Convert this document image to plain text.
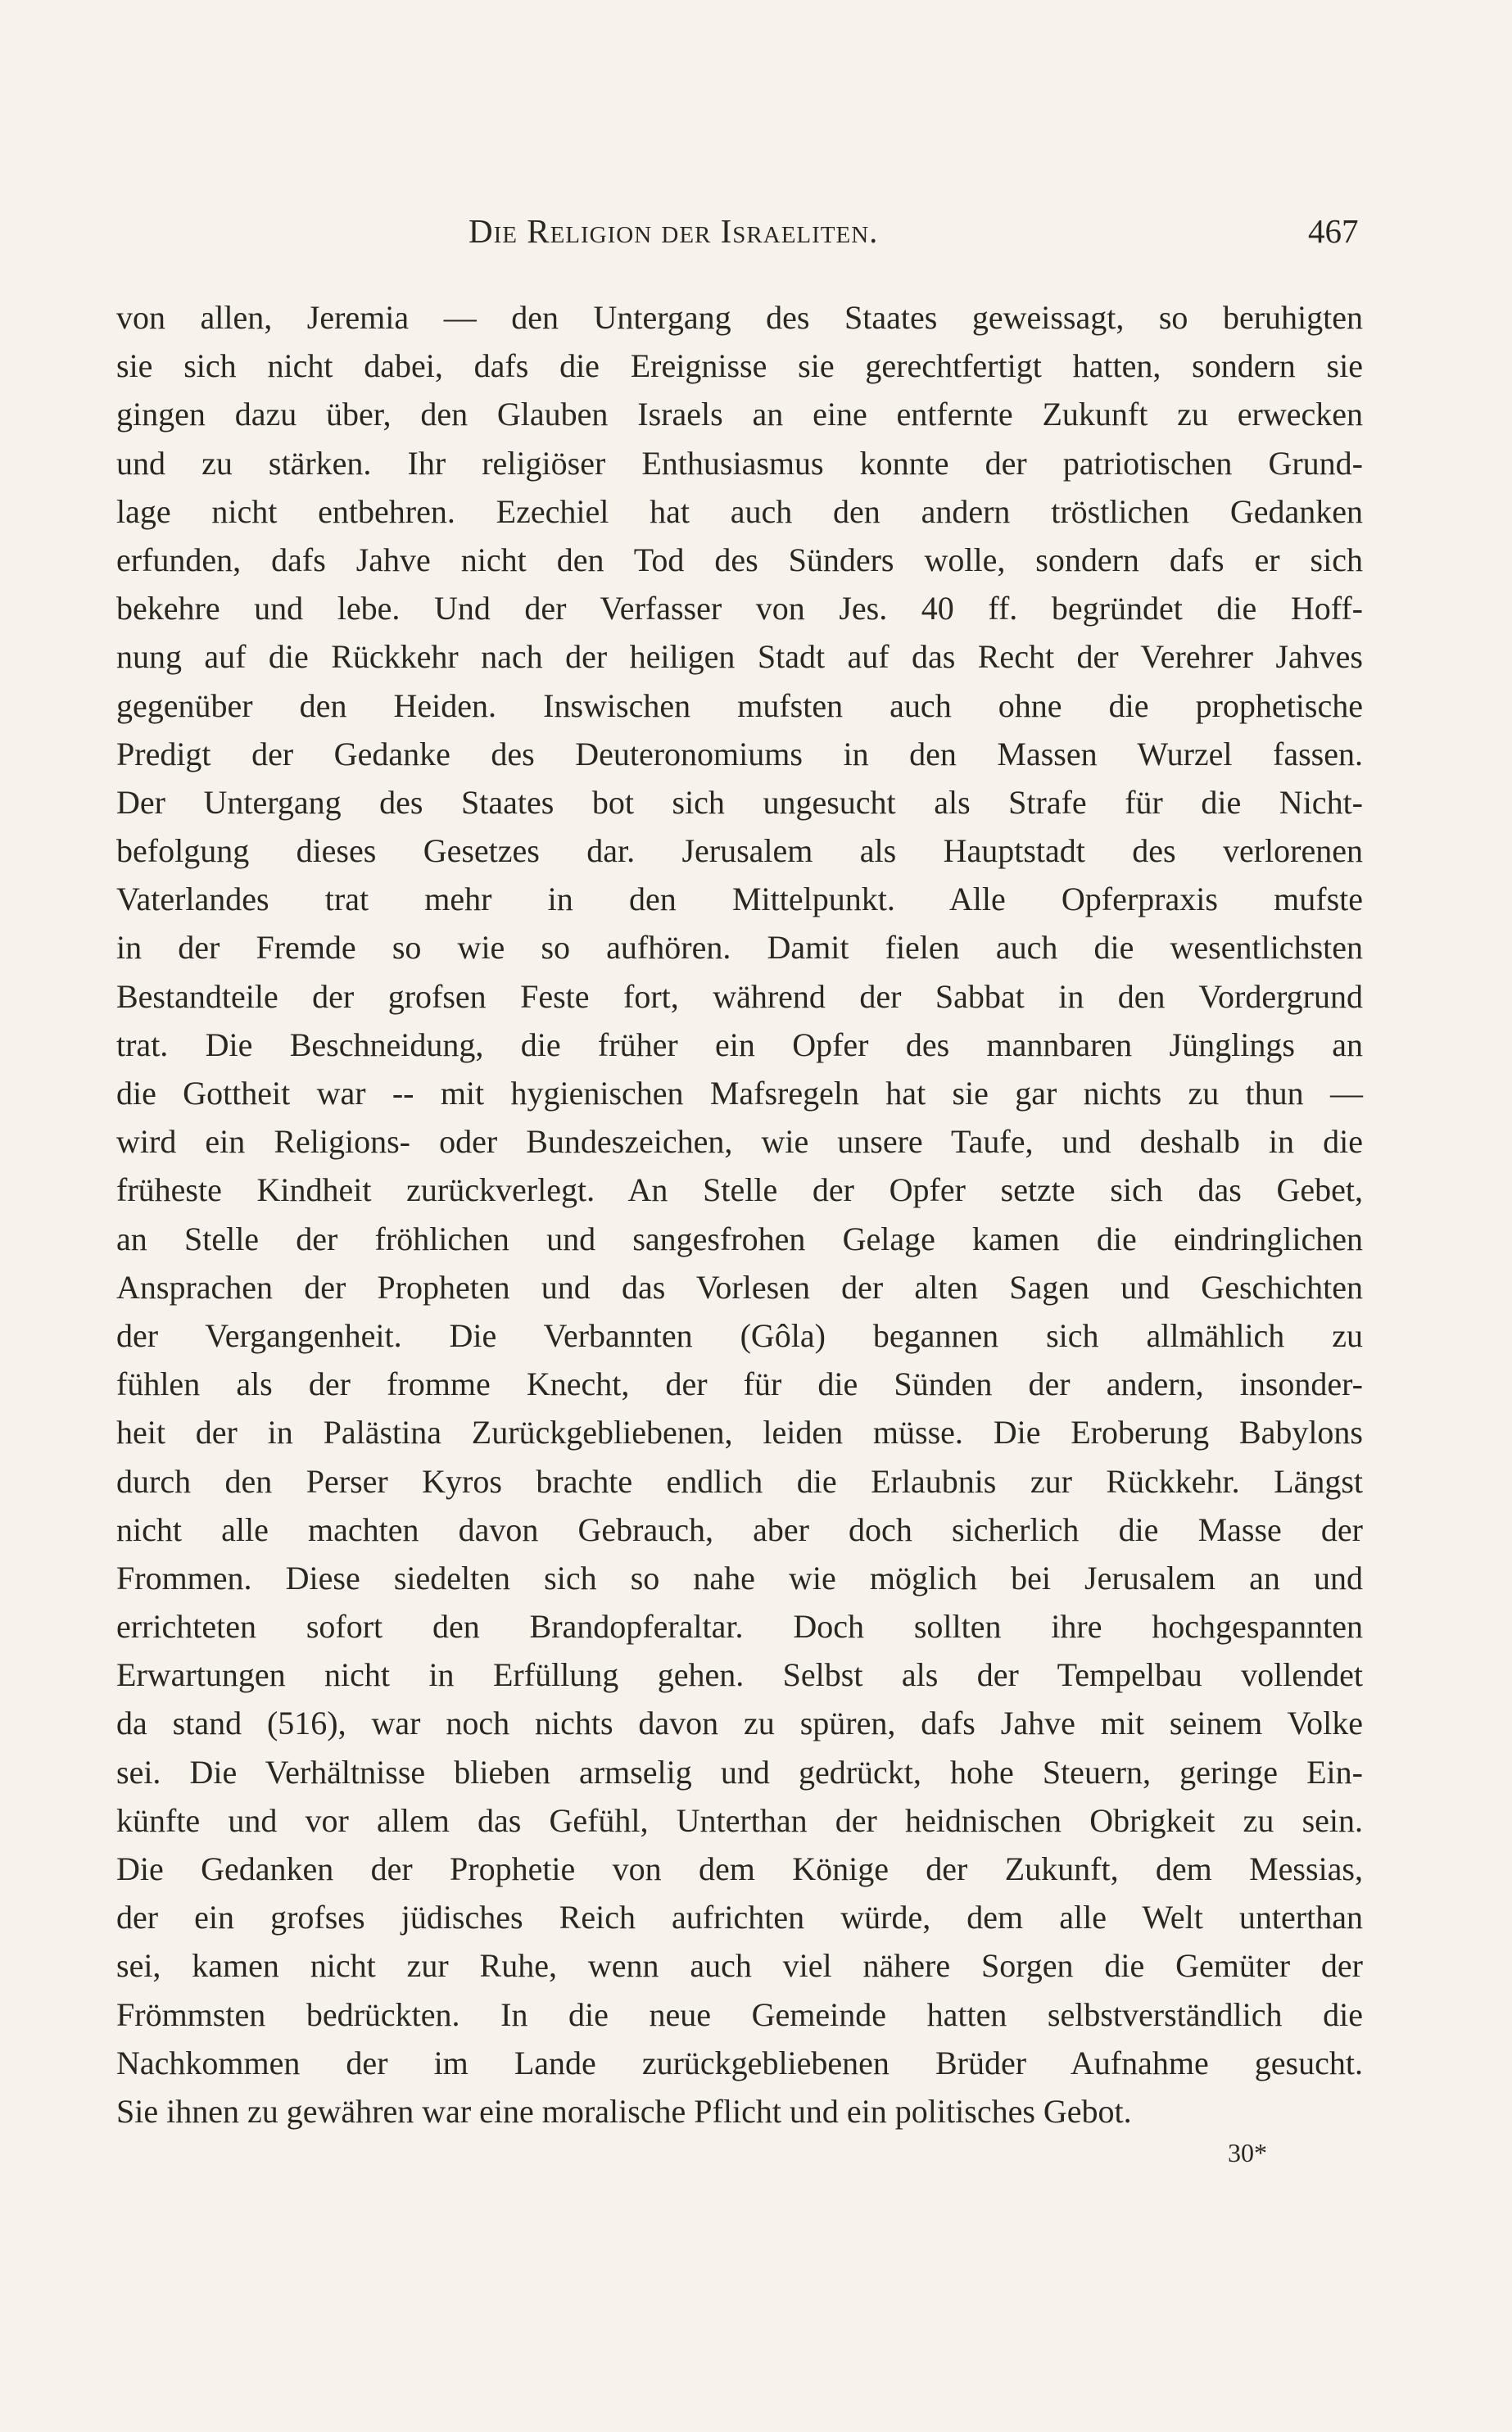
Die Religion der Israeliten.	467
von allen, Jeremia — den Untergang des Staates geweissagt, so beruhigten
sie sich nicht dabei, dafs die Ereignisse sie gerechtfertigt hatten, sondern sie
gingen dazu über, den Glauben Israels an eine entfernte Zukunft zu erwecken
und zu stärken. Ihr religiöser Enthusiasmus konnte der patriotischen Grund-
lage nicht entbehren. Ezechiel hat auch den andern tröstlichen Gedanken
erfunden, dafs Jahve nicht den Tod des Sünders wolle, sondern dafs er sich
bekehre und lebe. Und der Verfasser von Jes. 40 ff. begründet die Hoff-
nung auf die Rückkehr nach der heiligen Stadt auf das Recht der Verehrer Jahves
gegenüber den Heiden. Inswischen mufsten auch ohne die prophetische
Predigt der Gedanke des Deuteronomiums in den Massen Wurzel fassen.
Der Untergang des Staates bot sich ungesucht als Strafe für die Nicht-
befolgung dieses Gesetzes dar. Jerusalem als Hauptstadt des verlorenen
Vaterlandes trat mehr in den Mittelpunkt. Alle Opferpraxis mufste
in der Fremde so wie so aufhören. Damit fielen auch die wesentlichsten
Bestandteile der grofsen Feste fort, während der Sabbat in den Vordergrund
trat. Die Beschneidung, die früher ein Opfer des mannbaren Jünglings an
die Gottheit war -- mit hygienischen Mafsregeln hat sie gar nichts zu thun —
wird ein Religions- oder Bundeszeichen, wie unsere Taufe, und deshalb in die
früheste Kindheit zurückverlegt. An Stelle der Opfer setzte sich das Gebet,
an Stelle der fröhlichen und sangesfrohen Gelage kamen die eindringlichen
Ansprachen der Propheten und das Vorlesen der alten Sagen und Geschichten
der Vergangenheit. Die Verbannten (Gôla) begannen sich allmählich zu
fühlen als der fromme Knecht, der für die Sünden der andern, insonder-
heit der in Palästina Zurückgebliebenen, leiden müsse. Die Eroberung Babylons
durch den Perser Kyros brachte endlich die Erlaubnis zur Rückkehr. Längst
nicht alle machten davon Gebrauch, aber doch sicherlich die Masse der
Frommen. Diese siedelten sich so nahe wie möglich bei Jerusalem an und
errichteten sofort den Brandopferaltar. Doch sollten ihre hochgespannten
Erwartungen nicht in Erfüllung gehen. Selbst als der Tempelbau vollendet
da stand (516), war noch nichts davon zu spüren, dafs Jahve mit seinem Volke
sei. Die Verhältnisse blieben armselig und gedrückt, hohe Steuern, geringe Ein-
künfte und vor allem das Gefühl, Unterthan der heidnischen Obrigkeit zu sein.
Die Gedanken der Prophetie von dem Könige der Zukunft, dem Messias,
der ein grofses jüdisches Reich aufrichten würde, dem alle Welt unterthan
sei, kamen nicht zur Ruhe, wenn auch viel nähere Sorgen die Gemüter der
Frömmsten bedrückten. In die neue Gemeinde hatten selbstverständlich die
Nachkommen der im Lande zurückgebliebenen Brüder Aufnahme gesucht.
Sie ihnen zu gewähren war eine moralische Pflicht und ein politisches Gebot.
30*
